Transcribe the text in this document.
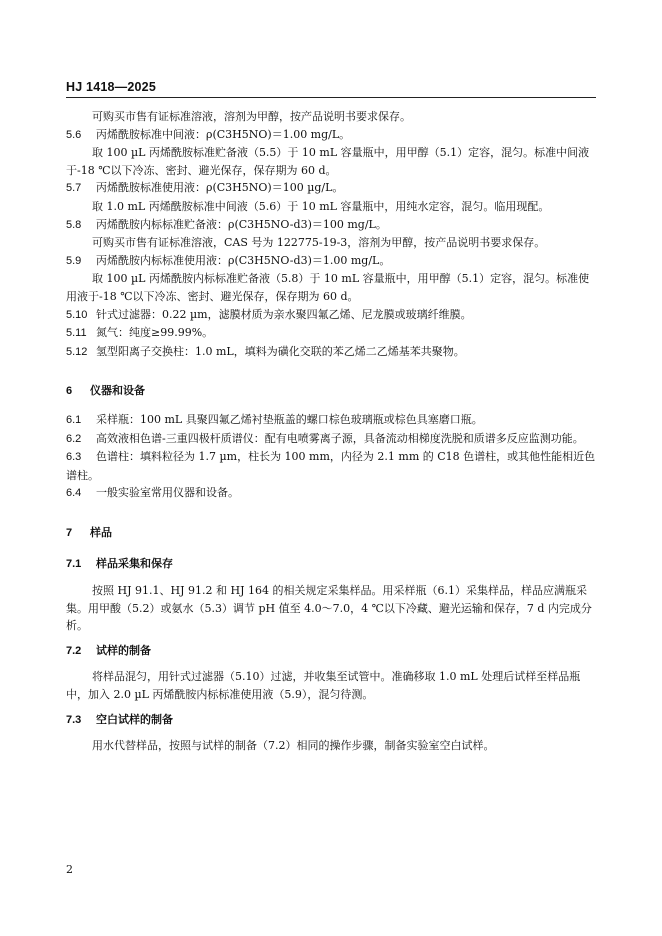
HJ 1418—2025
可购买市售有证标准溶液，溶剂为甲醇，按产品说明书要求保存。
5.6 丙烯酰胺标准中间液：ρ(C3H5NO)＝1.00 mg/L。
取 100 µL 丙烯酰胺标准贮备液（5.5）于 10 mL 容量瓶中，用甲醇（5.1）定容，混匀。标准中间液于-18 ℃以下冷冻、密封、避光保存，保存期为 60 d。
5.7 丙烯酰胺标准使用液：ρ(C3H5NO)＝100 µg/L。
取 1.0 mL 丙烯酰胺标准中间液（5.6）于 10 mL 容量瓶中，用纯水定容，混匀。临用现配。
5.8 丙烯酰胺内标标准贮备液：ρ(C3H5NO-d3)＝100 mg/L。
可购买市售有证标准溶液，CAS 号为 122775-19-3，溶剂为甲醇，按产品说明书要求保存。
5.9 丙烯酰胺内标标准使用液：ρ(C3H5NO-d3)＝1.00 mg/L。
取 100 µL 丙烯酰胺内标标准贮备液（5.8）于 10 mL 容量瓶中，用甲醇（5.1）定容，混匀。标准使用液于-18 ℃以下冷冻、密封、避光保存，保存期为 60 d。
5.10 针式过滤器：0.22 µm，滤膜材质为亲水聚四氟乙烯、尼龙膜或玻璃纤维膜。
5.11 氮气：纯度≥99.99%。
5.12 氢型阳离子交换柱：1.0 mL，填料为磺化交联的苯乙烯二乙烯基苯共聚物。
6 仪器和设备
6.1 采样瓶：100 mL 具聚四氟乙烯衬垫瓶盖的螺口棕色玻璃瓶或棕色具塞磨口瓶。
6.2 高效液相色谱-三重四极杆质谱仪：配有电喷雾离子源，具备流动相梯度洗脱和质谱多反应监测功能。
6.3 色谱柱：填料粒径为 1.7 µm，柱长为 100 mm，内径为 2.1 mm 的 C18 色谱柱，或其他性能相近色谱柱。
6.4 一般实验室常用仪器和设备。
7 样品
7.1 样品采集和保存
按照 HJ 91.1、HJ 91.2 和 HJ 164 的相关规定采集样品。用采样瓶（6.1）采集样品，样品应满瓶采集。用甲酸（5.2）或氨水（5.3）调节 pH 值至 4.0～7.0，4 ℃以下冷藏、避光运输和保存，7 d 内完成分析。
7.2 试样的制备
将样品混匀，用针式过滤器（5.10）过滤，并收集至试管中。准确移取 1.0 mL 处理后试样至样品瓶中，加入 2.0 µL 丙烯酰胺内标标准使用液（5.9），混匀待测。
7.3 空白试样的制备
用水代替样品，按照与试样的制备（7.2）相同的操作步骤，制备实验室空白试样。
2
